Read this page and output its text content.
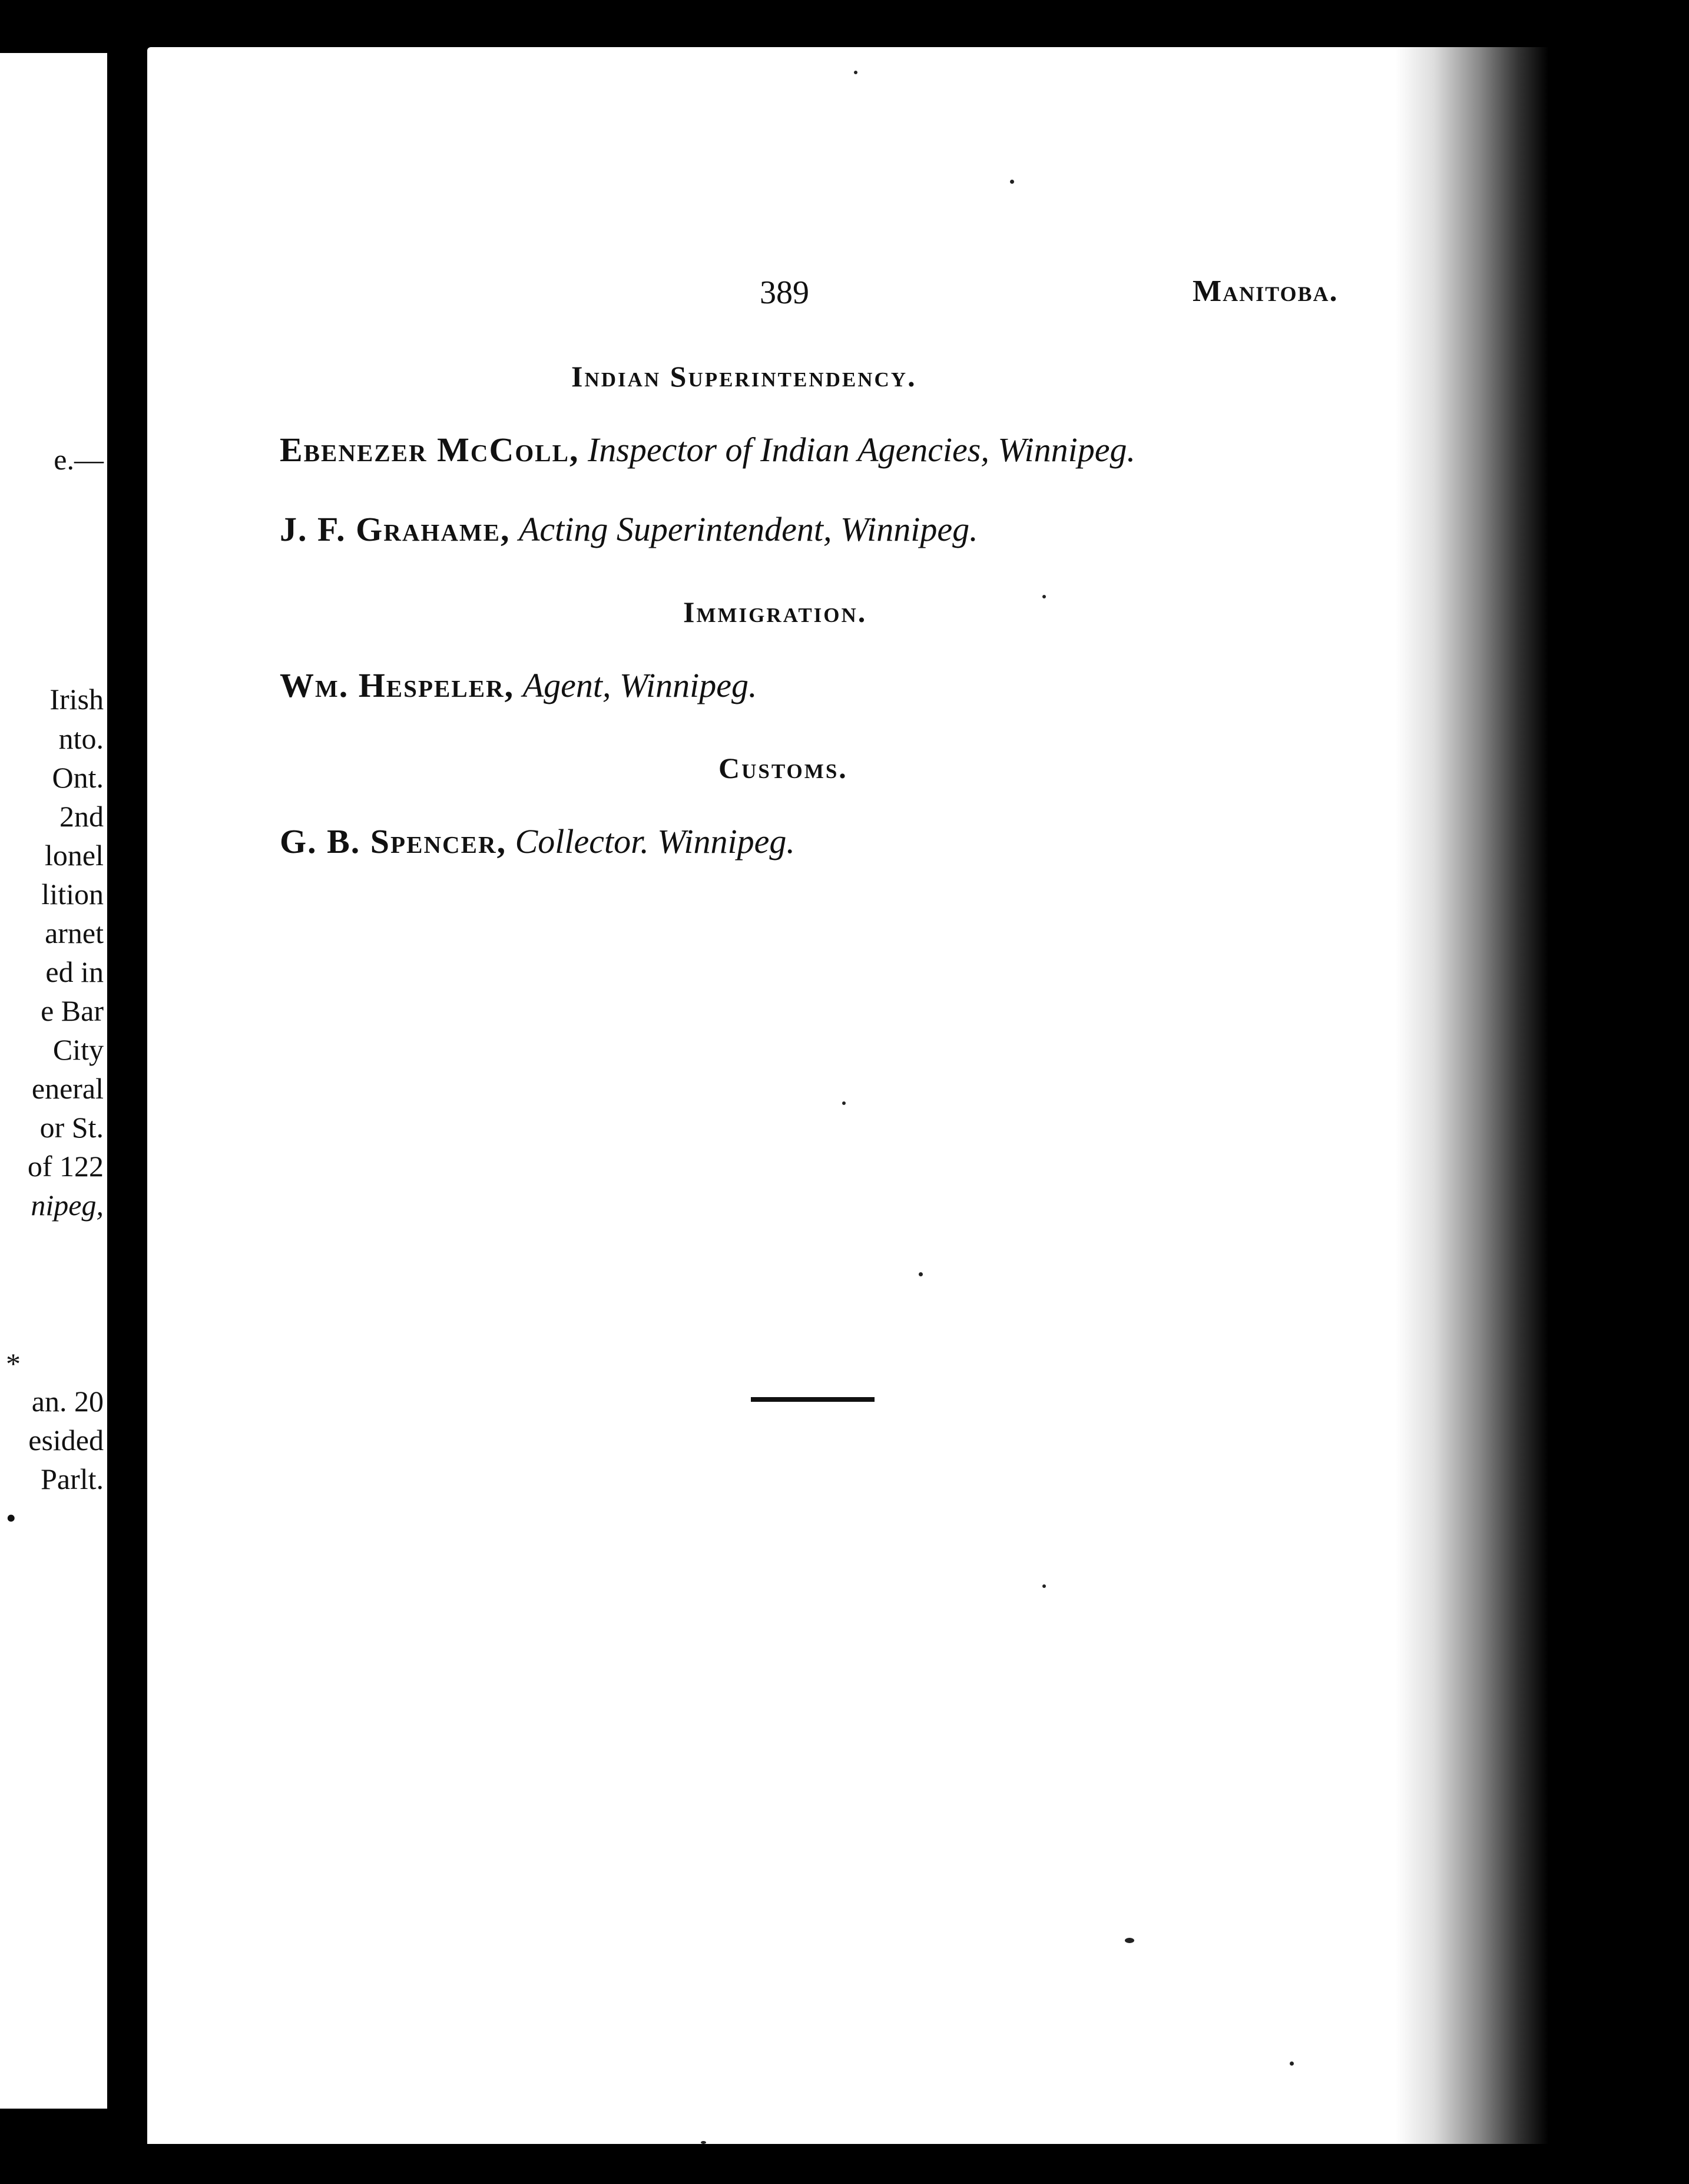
e.—
Irish
nto.
Ont.
2nd
lonel
lition
arnet
ed in
e Bar
City
eneral
or St.
of 122
nipeg,
*
an. 20
esided
Parlt.
•
389	Manitoba.
Indian Superintendency.
Ebenezer McColl, Inspector of Indian Agencies, Winnipeg.
J. F. Grahame, Acting Superintendent, Winnipeg.
Immigration.
Wm. Hespeler, Agent, Winnipeg.
Customs.
G. B. Spencer, Collector. Winnipeg.
